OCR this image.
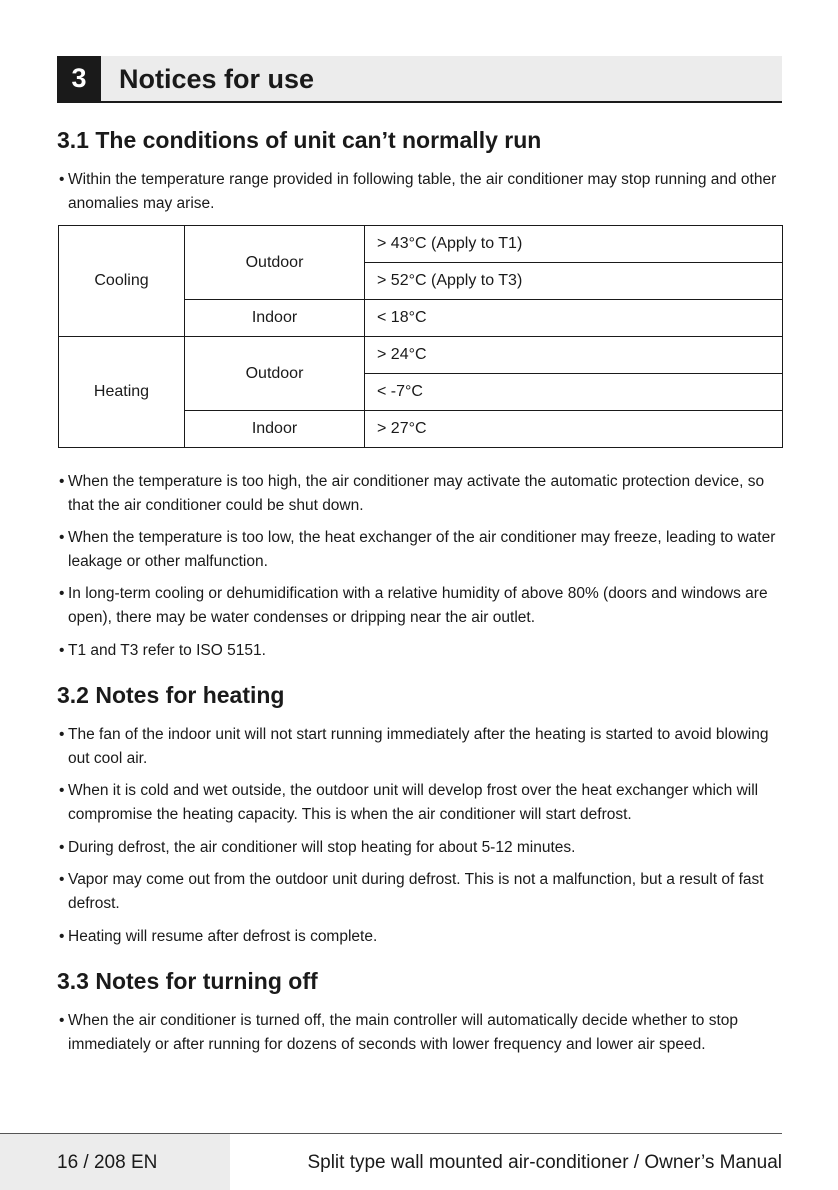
3	Notices for use
3.1 The conditions of unit can’t normally run
• Within the temperature range provided in following table, the air conditioner may stop running and other anomalies may arise.
Cooling	Outdoor	> 43°C (Apply to T1)
		> 52°C (Apply to T3)
	Indoor	< 18°C
Heating	Outdoor	> 24°C
		< -7°C
	Indoor	> 27°C
• When the temperature is too high, the air conditioner may activate the automatic protection device, so that the air conditioner could be shut down.
• When the temperature is too low, the heat exchanger of the air conditioner may freeze, leading to water leakage or other malfunction.
• In long-term cooling or dehumidification with a relative humidity of above 80% (doors and windows are open), there may be water condenses or dripping near the air outlet.
• T1 and T3 refer to ISO 5151.
3.2 Notes for heating
• The fan of the indoor unit will not start running immediately after the heating is started to avoid blowing out cool air.
• When it is cold and wet outside, the outdoor unit will develop frost over the heat exchanger which will compromise the heating capacity. This is when the air conditioner will start defrost.
• During defrost, the air conditioner will stop heating for about 5-12 minutes.
• Vapor may come out from the outdoor unit during defrost. This is not a malfunction, but a result of fast defrost.
• Heating will resume after defrost is complete.
3.3 Notes for turning off
• When the air conditioner is turned off, the main controller will automatically decide whether to stop immediately or after running for dozens of seconds with lower frequency and lower air speed.
16 / 208 EN	Split type wall mounted air-conditioner / Owner’s Manual
